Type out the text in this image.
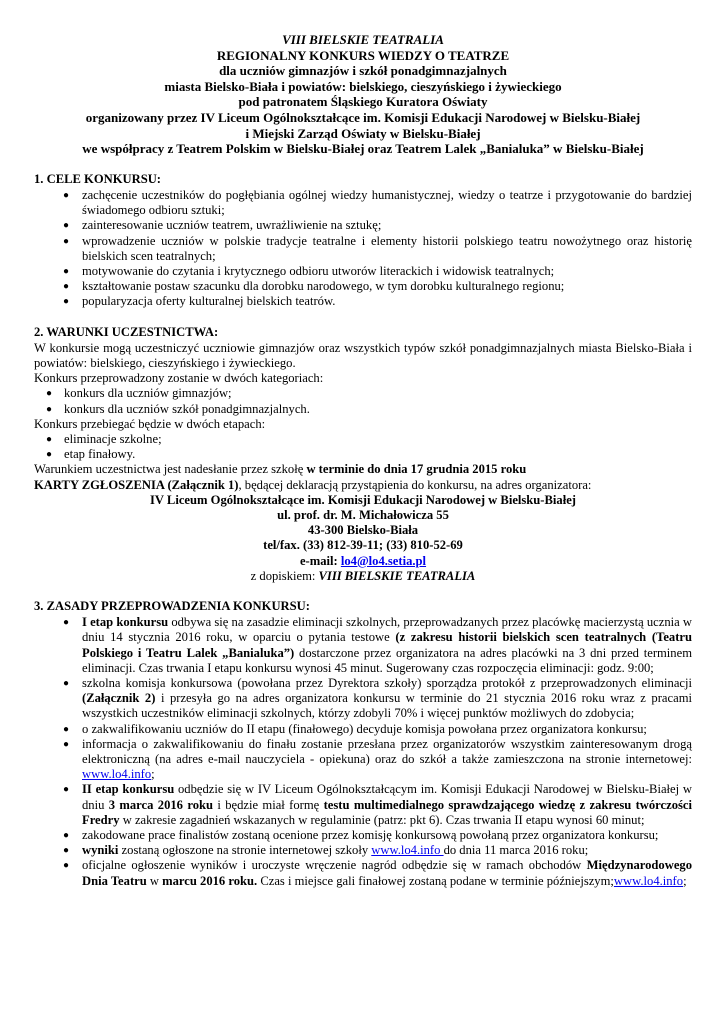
VIII BIELSKIE TEATRALIA
REGIONALNY KONKURS WIEDZY O TEATRZE
dla uczniów gimnazjów i szkół ponadgimnazjalnych
miasta Bielsko-Biała i powiatów: bielskiego, cieszyńskiego i żywieckiego
pod patronatem Śląskiego Kuratora Oświaty
organizowany przez IV Liceum Ogólnokształcące im. Komisji Edukacji Narodowej w Bielsku-Białej
i Miejski Zarząd Oświaty w Bielsku-Białej
we współpracy z Teatrem Polskim w Bielsku-Białej oraz Teatrem Lalek „Banialuka” w Bielsku-Białej
1. CELE KONKURSU:
● zachęcenie uczestników do pogłębiania ogólnej wiedzy humanistycznej, wiedzy o teatrze i przygotowanie do bardziej świadomego odbioru sztuki;
● zainteresowanie uczniów teatrem, uwrażliwienie na sztukę;
● wprowadzenie uczniów w polskie tradycje teatralne i elementy historii polskiego teatru nowożytnego oraz historię bielskich scen teatralnych;
● motywowanie do czytania i krytycznego odbioru utworów literackich i widowisk teatralnych;
● kształtowanie postaw szacunku dla dorobku narodowego, w tym dorobku kulturalnego regionu;
● popularyzacja oferty kulturalnej bielskich teatrów.
2. WARUNKI UCZESTNICTWA:

W konkursie mogą uczestniczyć uczniowie gimnazjów oraz wszystkich typów szkół ponadgimnazjalnych miasta Bielsko-Biała i powiatów: bielskiego, cieszyńskiego i żywieckiego.

Konkurs przeprowadzony zostanie w dwóch kategoriach:

● konkurs dla uczniów gimnazjów;
● konkurs dla uczniów szkół ponadgimnazjalnych.

Konkurs przebiegać będzie w dwóch etapach:

● eliminacje szkolne;
● etap finałowy.

Warunkiem uczestnictwa jest nadesłanie przez szkołę w terminie do dnia 17 grudnia 2015 roku

KARTY ZGŁOSZENIA (Załącznik 1), będącej deklaracją przystąpienia do konkursu, na adres organizatora:

IV Liceum Ogólnokształcące im. Komisji Edukacji Narodowej w Bielsku-Białej
ul. prof. dr. M. Michałowicza 55
43-300 Bielsko-Biała
tel/fax. (33) 812-39-11; (33) 810-52-69
e-mail: lo4@lo4.setia.pl
z dopiskiem: VIII BIELSKIE TEATRALIA
3. ZASADY PRZEPROWADZENIA KONKURSU:
● I etap konkursu odbywa się na zasadzie eliminacji szkolnych, przeprowadzanych przez placówkę macierzystą ucznia w dniu 14 stycznia 2016 roku, w oparciu o pytania testowe (z zakresu historii bielskich scen teatralnych (Teatru Polskiego i Teatru Lalek „Banialuka”) dostarczone przez organizatora na adres placówki na 3 dni przed terminem eliminacji. Czas trwania I etapu konkursu wynosi 45 minut. Sugerowany czas rozpoczęcia eliminacji: godz. 9:00;
● szkolna komisja konkursowa (powołana przez Dyrektora szkoły) sporządza protokół z przeprowadzonych eliminacji (Załącznik 2) i przesyła go na adres organizatora konkursu w terminie do 21 stycznia 2016 roku wraz z pracami wszystkich uczestników eliminacji szkolnych, którzy zdobyli 70% i więcej punktów możliwych do zdobycia;
● o zakwalifikowaniu uczniów do II etapu (finałowego) decyduje komisja powołana przez organizatora konkursu;
● informacja o zakwalifikowaniu do finału zostanie przesłana przez organizatorów wszystkim zainteresowanym drogą elektroniczną (na adres e-mail nauczyciela - opiekuna) oraz do szkół a także zamieszczona na stronie internetowej: www.lo4.info;
● II etap konkursu odbędzie się w IV Liceum Ogólnokształcącym im. Komisji Edukacji Narodowej w Bielsku-Białej w dniu 3 marca 2016 roku i będzie miał formę testu multimedialnego sprawdzającego wiedzę z zakresu twórczości Fredry w zakresie zagadnień wskazanych w regulaminie (patrz: pkt 6). Czas trwania II etapu wynosi 60 minut;
● zakodowane prace finalistów zostaną ocenione przez komisję konkursową powołaną przez organizatora konkursu;
● wyniki zostaną ogłoszone na stronie internetowej szkoły www.lo4.info do dnia 11 marca 2016 roku;
● oficjalne ogłoszenie wyników i uroczyste wręczenie nagród odbędzie się w ramach obchodów Międzynarodowego Dnia Teatru w marcu 2016 roku. Czas i miejsce gali finałowej zostaną podane w terminie późniejszym;www.lo4.info;
